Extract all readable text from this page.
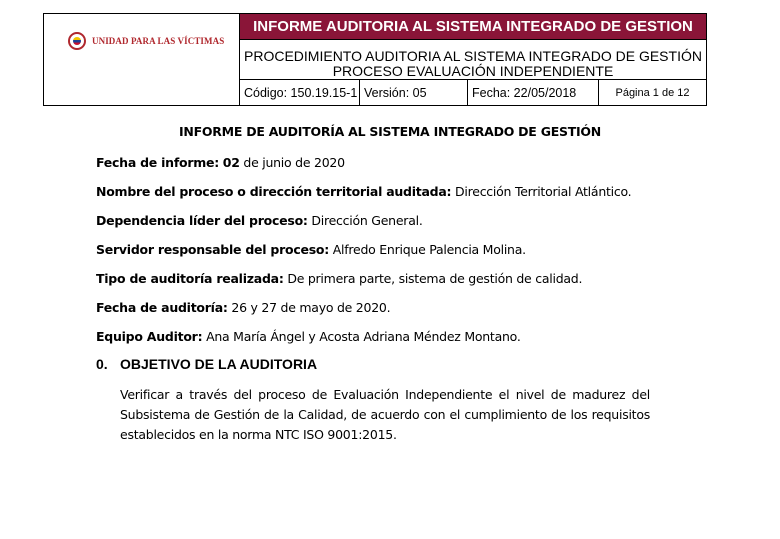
UNIDAD PARA LAS VÍCTIMAS
INFORME AUDITORIA AL SISTEMA INTEGRADO DE GESTION
PROCEDIMIENTO AUDITORIA AL SISTEMA INTEGRADO DE GESTIÓN
PROCESO EVALUACIÓN INDEPENDIENTE
Código: 150.19.15-1 Versión: 05	Fecha: 22/05/2018	Página 1 de 12
INFORME DE AUDITORÍA AL SISTEMA INTEGRADO DE GESTIÓN
Fecha de informe: 02 de junio de 2020
Nombre del proceso o dirección territorial auditada: Dirección Territorial Atlántico.
Dependencia líder del proceso: Dirección General.
Servidor responsable del proceso: Alfredo Enrique Palencia Molina.
Tipo de auditoría realizada: De primera parte, sistema de gestión de calidad.
Fecha de auditoría: 26 y 27 de mayo de 2020.
Equipo Auditor: Ana María Ángel y Acosta Adriana Méndez Montano.
0. OBJETIVO DE LA AUDITORIA
Verificar a través del proceso de Evaluación Independiente el nivel de madurez del Subsistema de Gestión de la Calidad, de acuerdo con el cumplimiento de los requisitos establecidos en la norma NTC ISO 9001:2015.
